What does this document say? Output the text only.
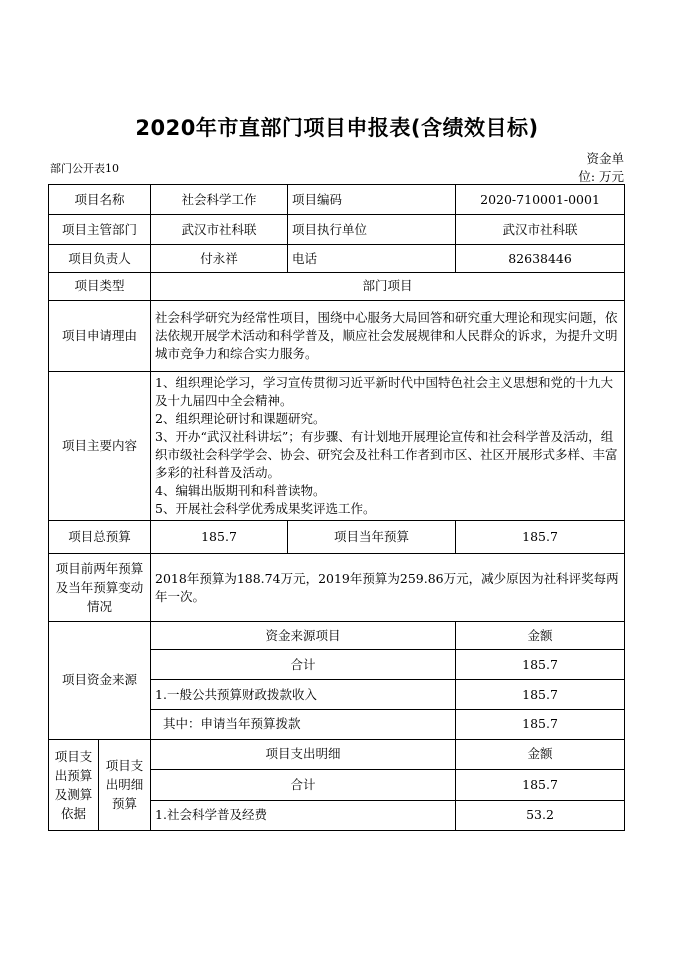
2020年市直部门项目申报表(含绩效目标)
部门公开表10
资金单
位: 万元
项目名称		社会科学工作	项目编码	2020-710001-0001
项目主管部门		武汉市社科联	项目执行单位	武汉市社科联
项目负责人		付永祥	电话	82638446
项目类型		部门项目		
项目申请理由		社会科学研究为经常性项目，围绕中心服务大局回答和研究重大理论和现实问题，依法依规开展学术活动和科学普及，顺应社会发展规律和人民群众的诉求，为提升文明城市竞争力和综合实力服务。		
项目主要内容		1、组织理论学习，学习宣传贯彻习近平新时代中国特色社会主义思想和党的十九大及十九届四中全会精神。
2、组织理论研讨和课题研究。
3、开办“武汉社科讲坛”；有步骤、有计划地开展理论宣传和社会科学普及活动，组织市级社会科学学会、协会、研究会及社科工作者到市区、社区开展形式多样、丰富多彩的社科普及活动。
4、编辑出版期刊和科普读物。
5、开展社会科学优秀成果奖评选工作。		
项目总预算		185.7	项目当年预算	185.7
项目前两年预算及当年预算变动情况		2018年预算为188.74万元，2019年预算为259.86万元，减少原因为社科评奖每两年一次。		
项目资金来源		资金来源项目		金额
		合计		185.7
		1.一般公共预算财政拨款收入		185.7
		其中：申请当年预算拨款		185.7
项目支出预算及测算依据	项目支出明细预算	项目支出明细		金额
		合计		185.7
		1.社会科学普及经费		53.2
